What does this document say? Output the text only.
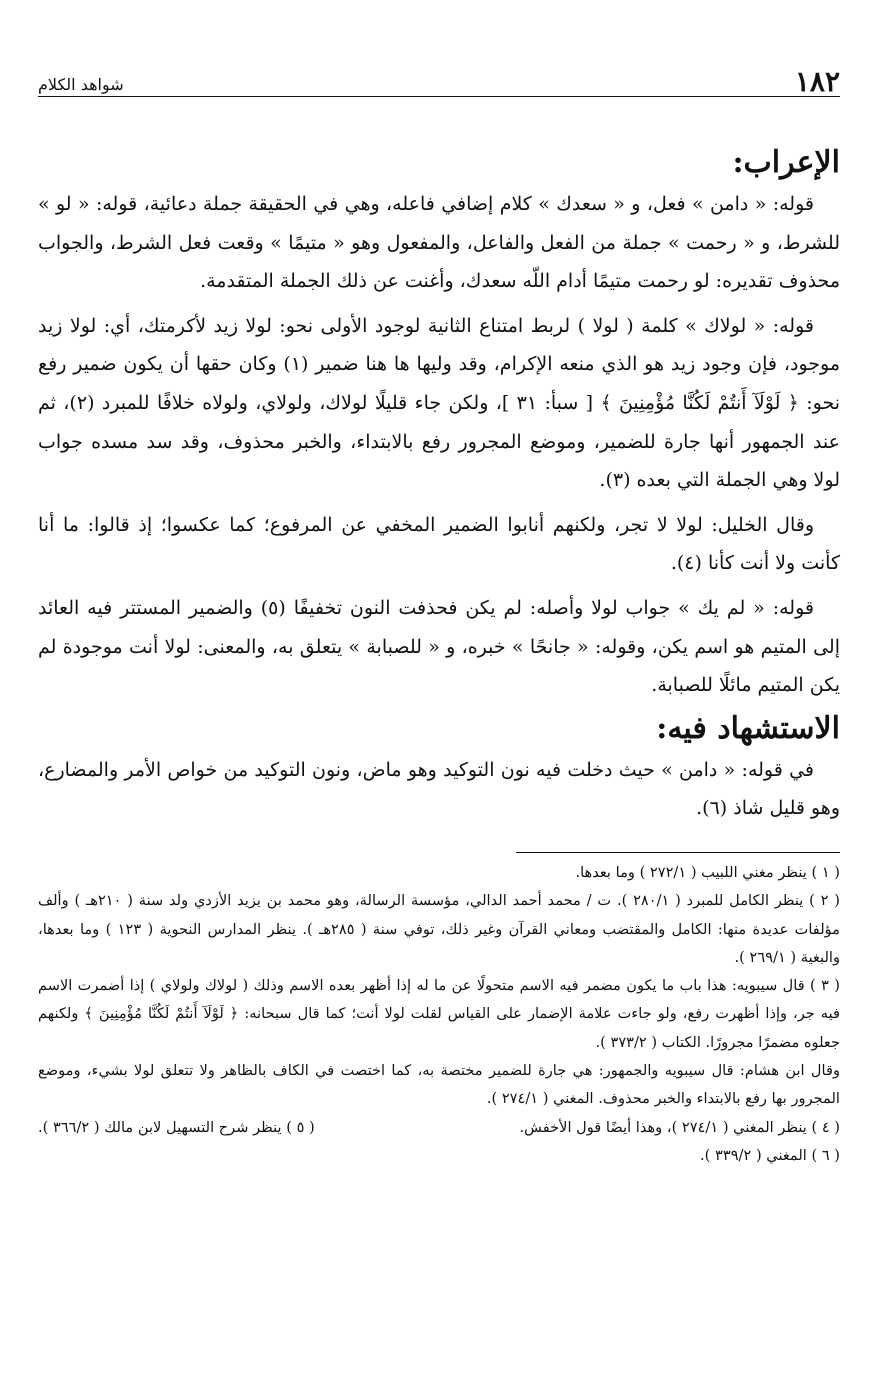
١٨٢
شواهد الكلام
الإعراب:

قوله: « دامن » فعل، و « سعدك » كلام إضافي فاعله، وهي في الحقيقة جملة دعائية، قوله: « لو » للشرط، و « رحمت » جملة من الفعل والفاعل، والمفعول وهو « متيمًا » وقعت فعل الشرط، والجواب محذوف تقديره: لو رحمت متيمًا أدام اللّه سعدك، وأغنت عن ذلك الجملة المتقدمة.

قوله: « لولاك » كلمة ( لولا ) لربط امتناع الثانية لوجود الأولى نحو: لولا زيد لأكرمتك، أي: لولا زيد موجود، فإن وجود زيد هو الذي منعه الإكرام، وقد وليها ها هنا ضمير (١) وكان حقها أن يكون ضمير رفع نحو: ﴿ لَوْلَآ أَنتُمْ لَكُنَّا مُؤْمِنِينَ ﴾ [ سبأ: ٣١ ]، ولكن جاء قليلًا لولاك، ولولاي، ولولاه خلافًا للمبرد (٢)، ثم عند الجمهور أنها جارة للضمير، وموضع المجرور رفع بالابتداء، والخبر محذوف، وقد سد مسده جواب لولا وهي الجملة التي بعده (٣).

وقال الخليل: لولا لا تجر، ولكنهم أنابوا الضمير المخفي عن المرفوع؛ كما عكسوا؛ إذ قالوا: ما أنا كأنت ولا أنت كأنا (٤).

قوله: « لم يك » جواب لولا وأصله: لم يكن فحذفت النون تخفيفًا (٥) والضمير المستتر فيه العائد إلى المتيم هو اسم يكن، وقوله: « جانحًا » خبره، و « للصبابة » يتعلق به، والمعنى: لولا أنت موجودة لم يكن المتيم مائلًا للصبابة.

الاستشهاد فيه:

في قوله: « دامن » حيث دخلت فيه نون التوكيد وهو ماض، ونون التوكيد من خواص الأمر والمضارع، وهو قليل شاذ (٦).

( ١ ) ينظر مغني اللبيب ( ٢٧٢/١ ) وما بعدها.

( ٢ ) ينظر الكامل للمبرد ( ٢٨٠/١ ). ت / محمد أحمد الدالي، مؤسسة الرسالة، وهو محمد بن يزيد الأزدي ولد سنة ( ٢١٠هـ ) وألف مؤلفات عديدة منها: الكامل والمقتضب ومعاني القرآن وغير ذلك، توفي سنة ( ٢٨٥هـ ). ينظر المدارس النحوية ( ١٢٣ ) وما بعدها، والبغية ( ٢٦٩/١ ).

( ٣ ) قال سيبويه: هذا باب ما يكون مضمر فيه الاسم متحولًا عن ما له إذا أظهر بعده الاسم وذلك ( لولاك ولولاي ) إذا أضمرت الاسم فيه جر، وإذا أظهرت رفع، ولو جاءت علامة الإضمار على القياس لقلت لولا أنت؛ كما قال سبحانه: ﴿ لَوْلَآ أَنتُمْ لَكُنَّا مُؤْمِنِينَ ﴾ ولكنهم جعلوه مضمرًا مجرورًا. الكتاب ( ٣٧٣/٢ ).

وقال ابن هشام: قال سيبويه والجمهور: هي جارة للضمير مختصة به، كما اختصت في الكاف بالظاهر ولا تتعلق لولا بشيء، وموضع المجرور بها رفع بالابتداء والخبر محذوف. المغني ( ٢٧٤/١ ).

( ٤ ) ينظر المغني ( ٢٧٤/١ )، وهذا أيضًا قول الأخفش.

( ٥ ) ينظر شرح التسهيل لابن مالك ( ٣٦٦/٢ ).

( ٦ ) المغني ( ٣٣٩/٢ ).
